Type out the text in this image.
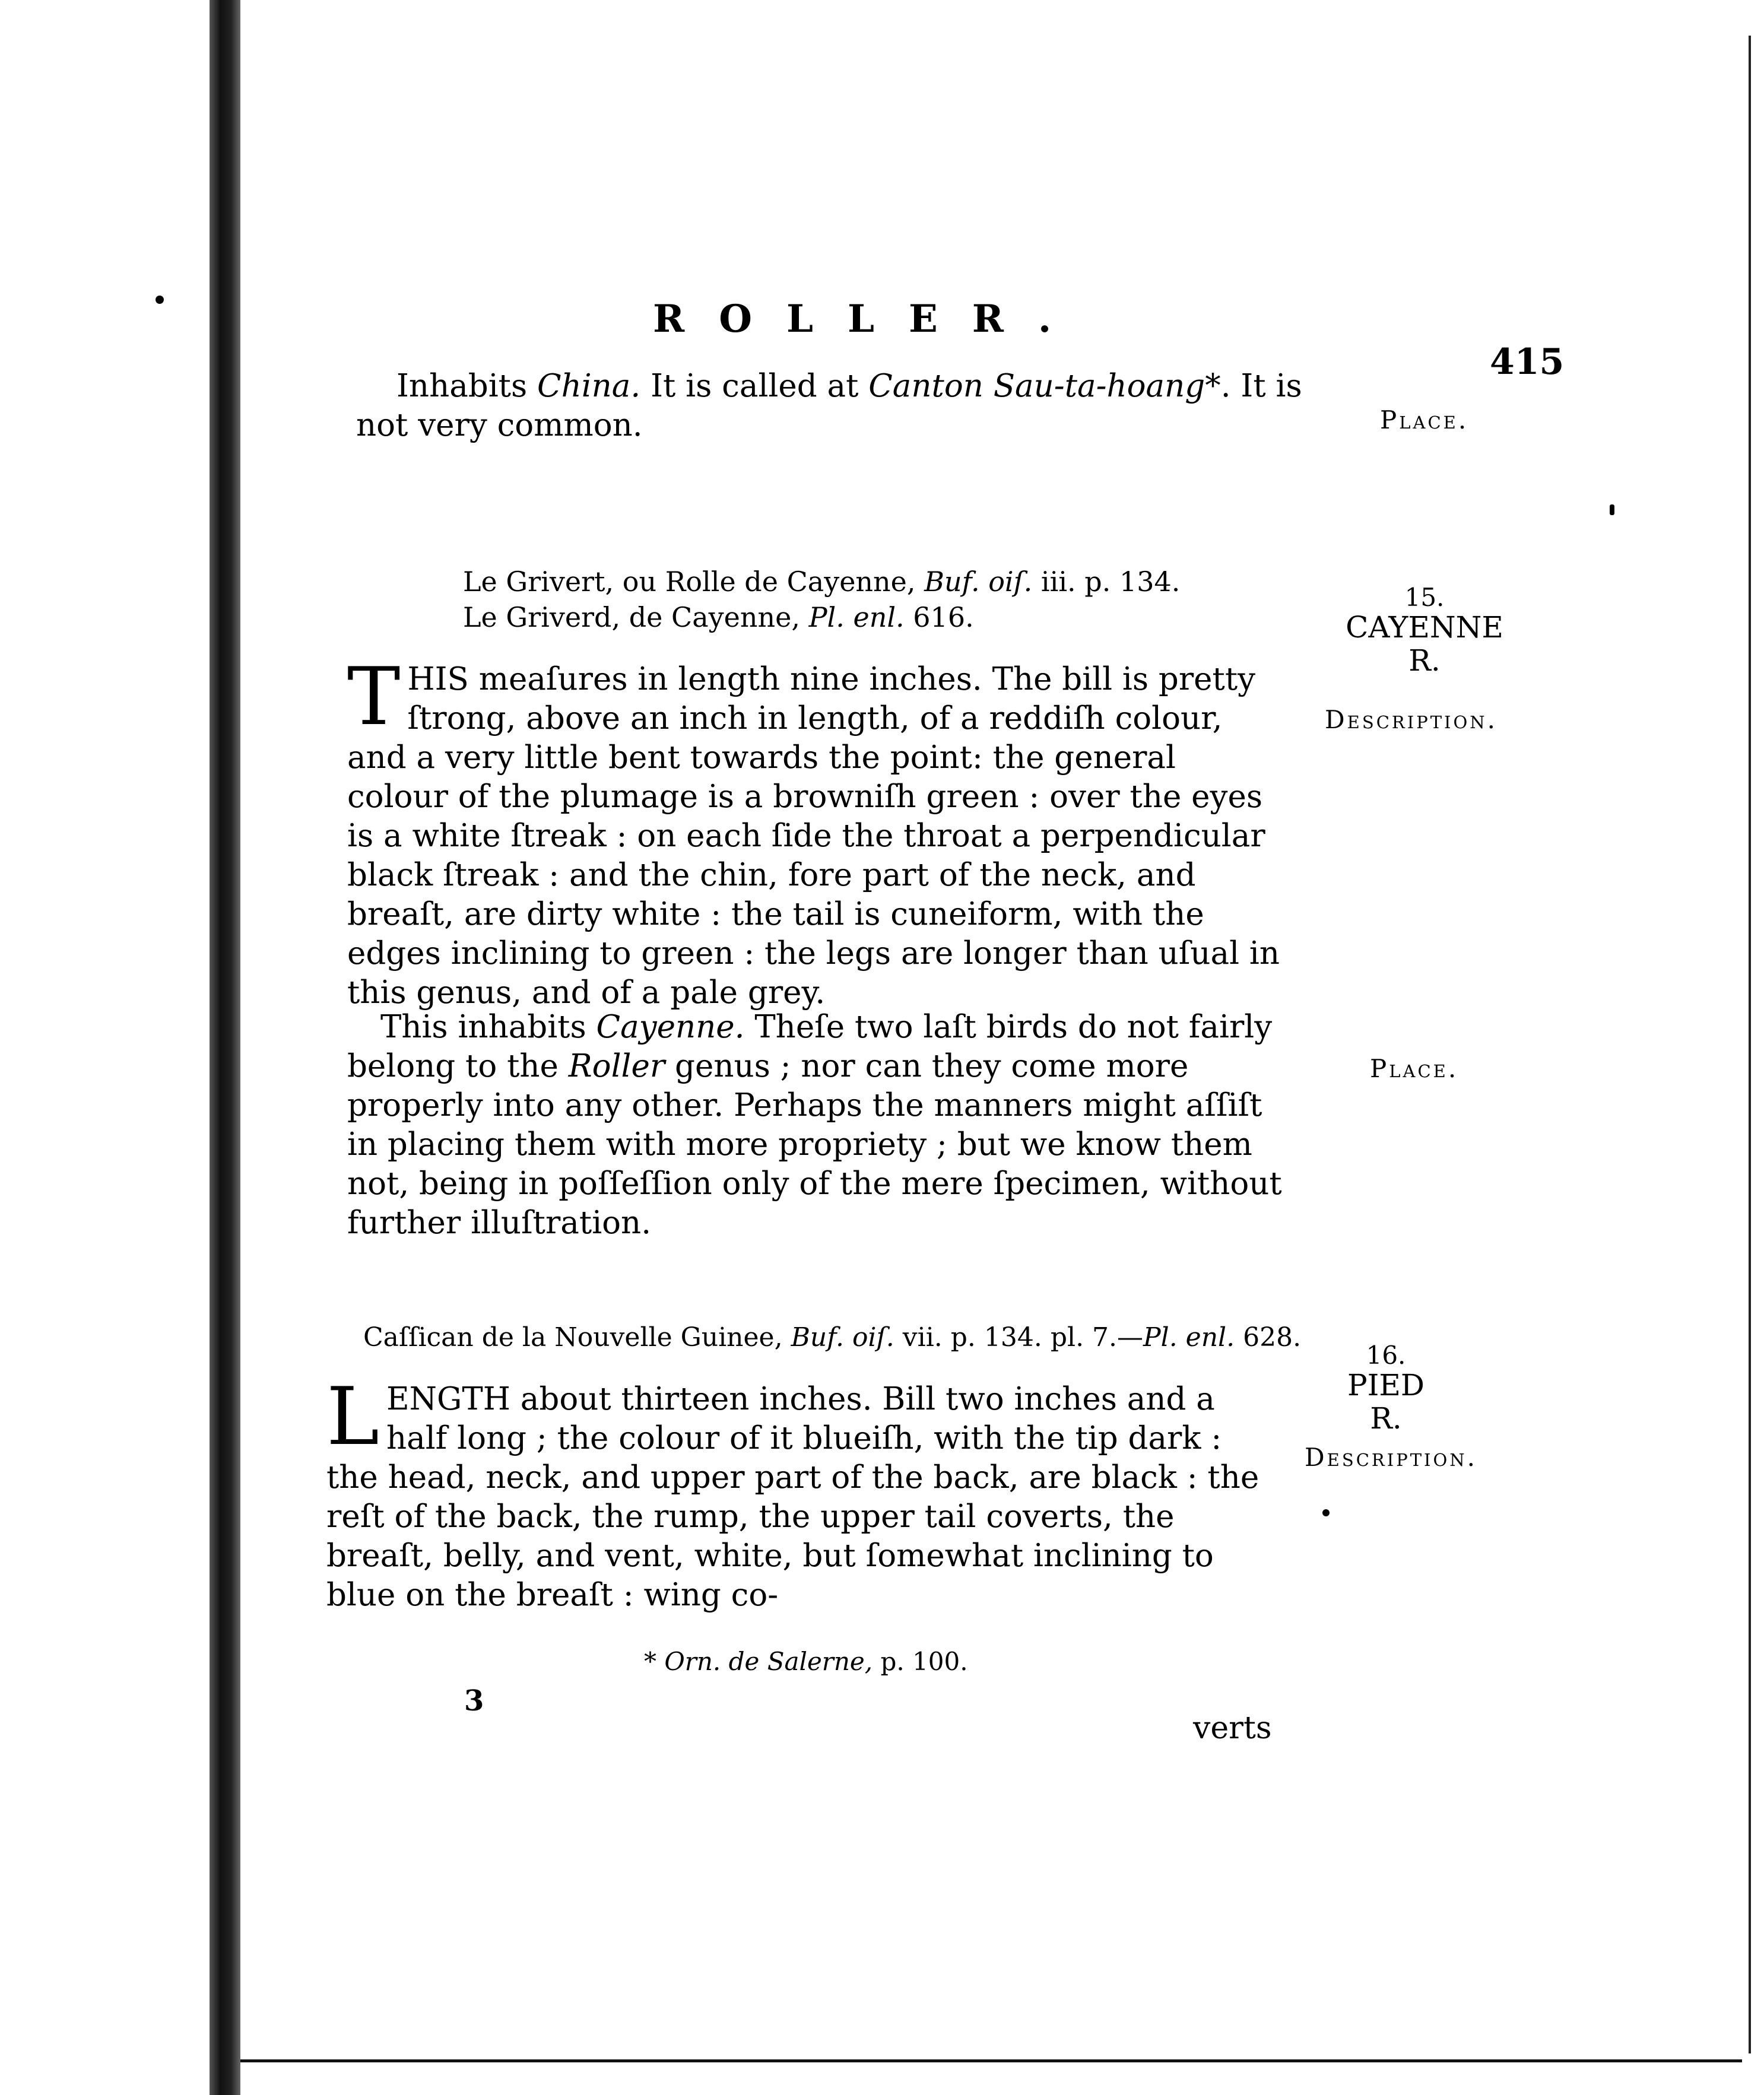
ROLLER.
415

Inhabits China. It is called at Canton Sau-ta-hoang*. It is not very common.	Place.
Le Grivert, ou Rolle de Cayenne, Buf. oiſ. iii. p. 134.
Le Griverd, de Cayenne, Pl. enl. 616.
15.
CAYENNE
R.
Description.

THIS meaſures in length nine inches. The bill is pretty ſtrong, above an inch in length, of a reddiſh colour, and a very little bent towards the point: the general colour of the plumage is a browniſh green : over the eyes is a white ſtreak : on each ſide the throat a perpendicular black ſtreak : and the chin, fore part of the neck, and breaſt, are dirty white : the tail is cuneiform, with the edges inclining to green : the legs are longer than uſual in this genus, and of a pale grey.

This inhabits Cayenne. Theſe two laſt birds do not fairly belong to the Roller genus ; nor can they come more properly into any other. Perhaps the manners might aſſiſt in placing them with more propriety ; but we know them not, being in poſſeſſion only of the mere ſpecimen, without further illuſtration.

Place.
Caſſican de la Nouvelle Guinee, Buf. oiſ. vii. p. 134. pl. 7.—Pl. enl. 628.
16.
PIED
R.
Description.

LENGTH about thirteen inches. Bill two inches and a half long ; the colour of it blueiſh, with the tip dark : the head, neck, and upper part of the back, are black : the reſt of the back, the rump, the upper tail coverts, the breaſt, belly, and vent, white, but ſomewhat inclining to blue on the breaſt : wing co-

* Orn. de Salerne, p. 100.
3
verts
